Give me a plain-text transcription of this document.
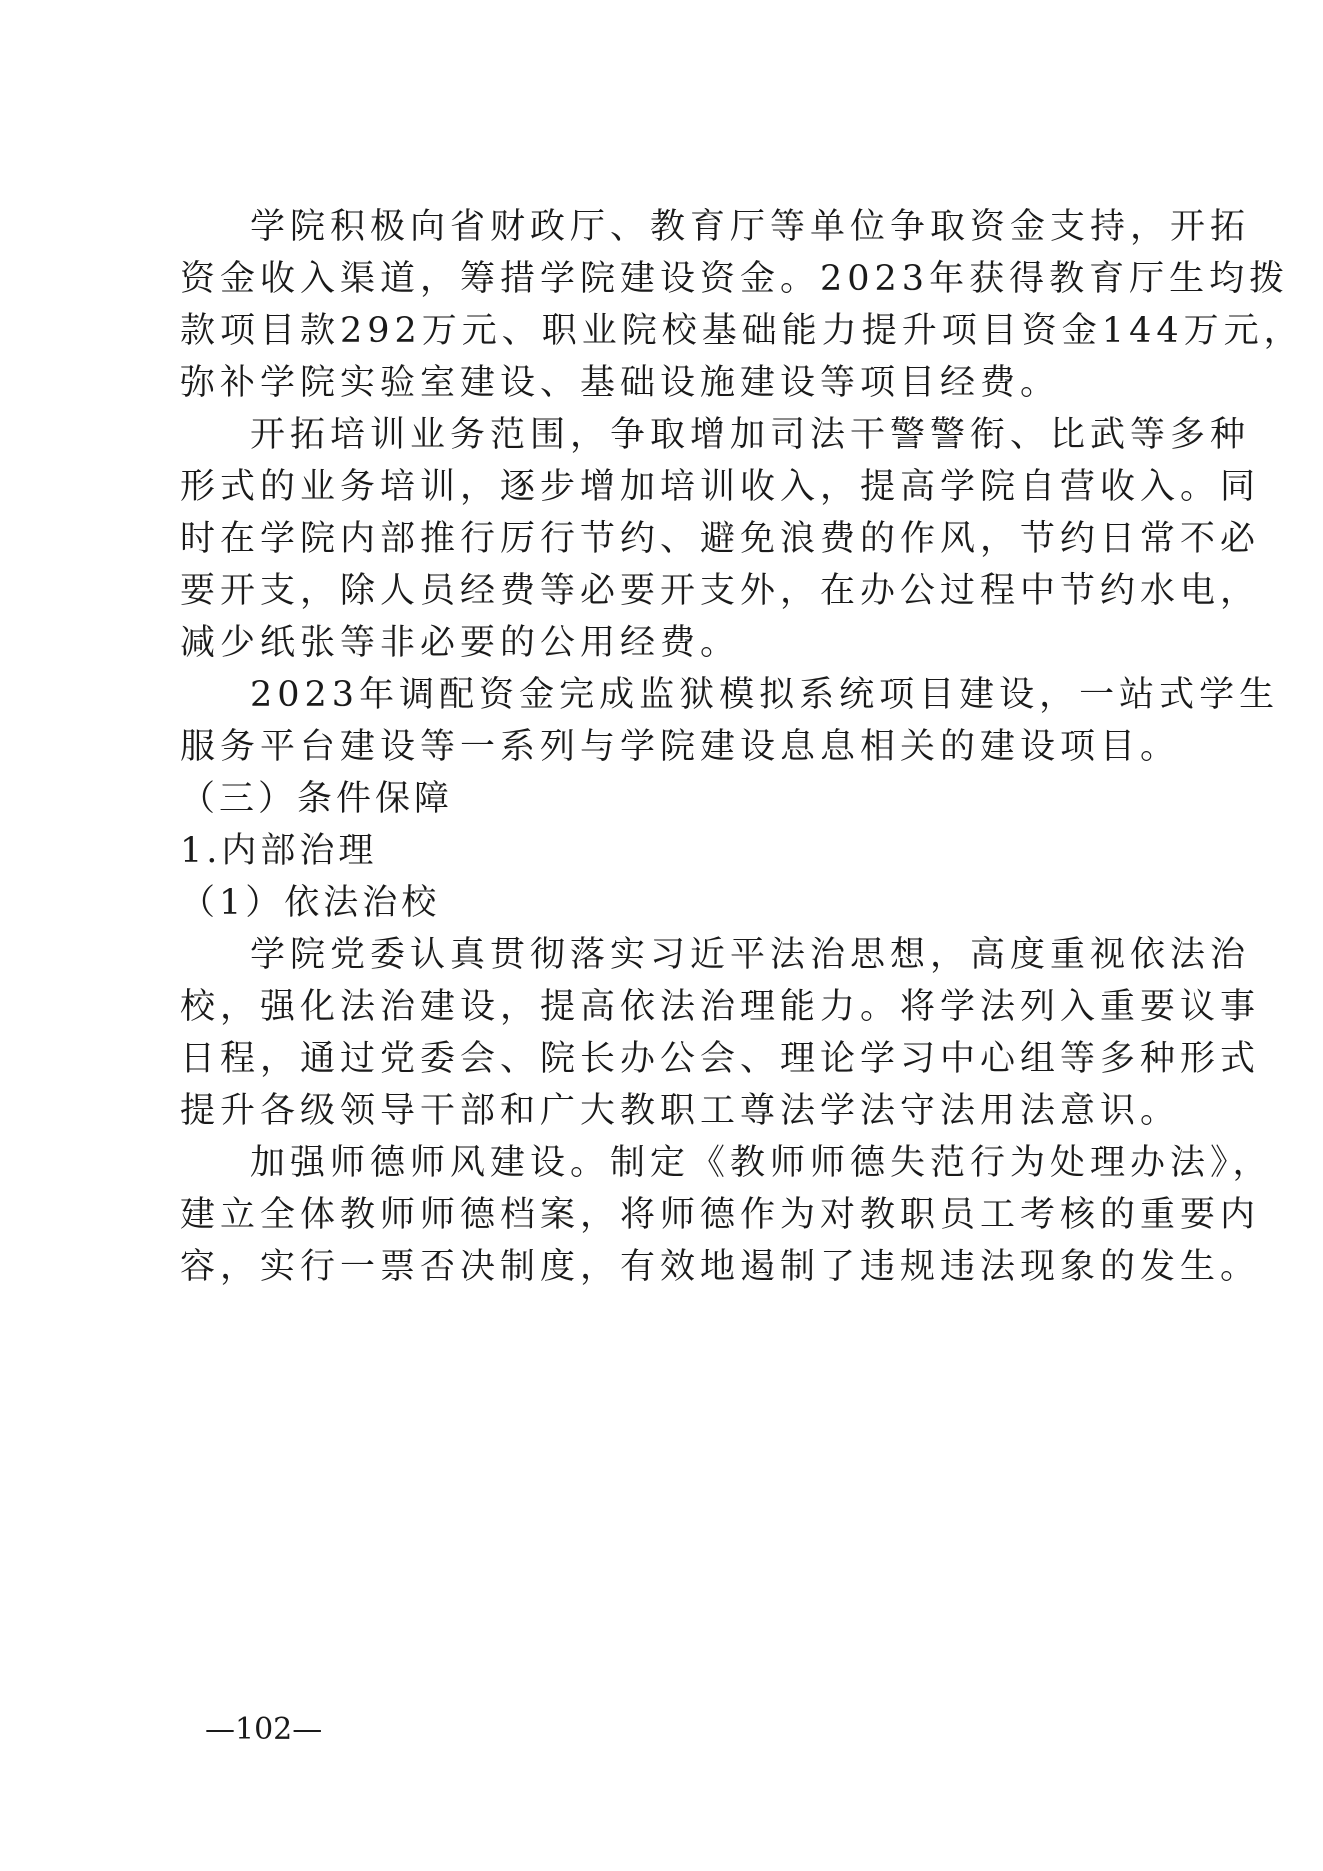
学院积极向省财政厅、教育厅等单位争取资金支持，开拓
资金收入渠道，筹措学院建设资金。2023年获得教育厅生均拨
款项目款292万元、职业院校基础能力提升项目资金144万元，
弥补学院实验室建设、基础设施建设等项目经费。
开拓培训业务范围，争取增加司法干警警衔、比武等多种
形式的业务培训，逐步增加培训收入，提高学院自营收入。同
时在学院内部推行厉行节约、避免浪费的作风，节约日常不必
要开支，除人员经费等必要开支外，在办公过程中节约水电，
减少纸张等非必要的公用经费。
2023年调配资金完成监狱模拟系统项目建设，一站式学生
服务平台建设等一系列与学院建设息息相关的建设项目。
（三）条件保障
1.内部治理
（1）依法治校
学院党委认真贯彻落实习近平法治思想，高度重视依法治
校，强化法治建设，提高依法治理能力。将学法列入重要议事
日程，通过党委会、院长办公会、理论学习中心组等多种形式
提升各级领导干部和广大教职工尊法学法守法用法意识。
加强师德师风建设。制定《教师师德失范行为处理办法》，
建立全体教师师德档案，将师德作为对教职员工考核的重要内
容，实行一票否决制度，有效地遏制了违规违法现象的发生。
—102—
